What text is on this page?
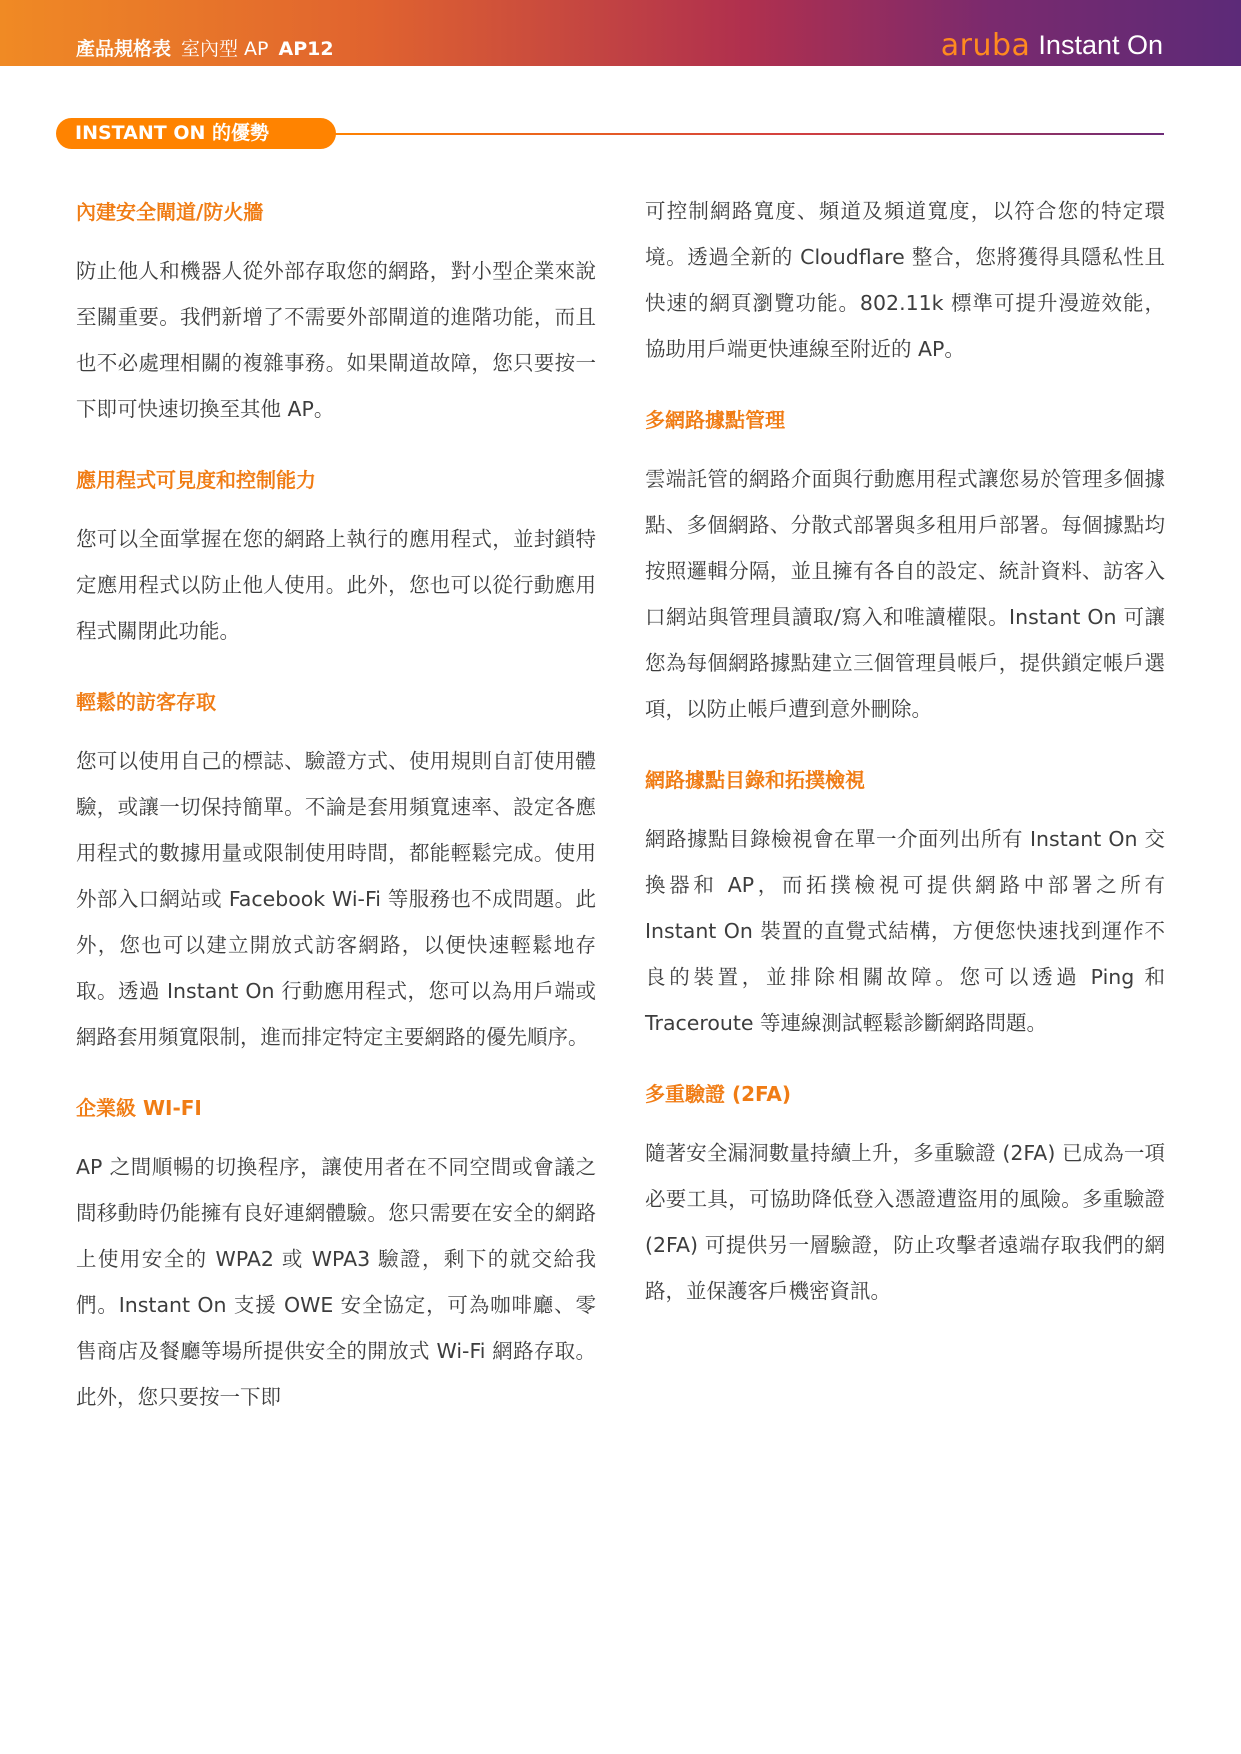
產品規格表 室內型 AP AP12	aruba Instant On
INSTANT ON 的優勢
內建安全閘道/防火牆

防止他人和機器人從外部存取您的網路，對小型企業來說至關重要。我們新增了不需要外部閘道的進階功能，而且也不必處理相關的複雜事務。如果閘道故障，您只要按一下即可快速切換至其他 AP。

應用程式可見度和控制能力

您可以全面掌握在您的網路上執行的應用程式，並封鎖特定應用程式以防止他人使用。此外，您也可以從行動應用程式關閉此功能。

輕鬆的訪客存取

您可以使用自己的標誌、驗證方式、使用規則自訂使用體驗，或讓一切保持簡單。不論是套用頻寬速率、設定各應用程式的數據用量或限制使用時間，都能輕鬆完成。使用外部入口網站或 Facebook Wi-Fi 等服務也不成問題。此外，您也可以建立開放式訪客網路，以便快速輕鬆地存取。透過 Instant On 行動應用程式，您可以為用戶端或網路套用頻寬限制，進而排定特定主要網路的優先順序。

企業級 WI-FI

AP 之間順暢的切換程序，讓使用者在不同空間或會議之間移動時仍能擁有良好連網體驗。您只需要在安全的網路上使用安全的 WPA2 或 WPA3 驗證，剩下的就交給我們。Instant On 支援 OWE 安全協定，可為咖啡廳、零售商店及餐廳等場所提供安全的開放式 Wi-Fi 網路存取。此外，您只要按一下即

可控制網路寬度、頻道及頻道寬度，以符合您的特定環境。透過全新的 Cloudflare 整合，您將獲得具隱私性且快速的網頁瀏覽功能。802.11k 標準可提升漫遊效能，協助用戶端更快連線至附近的 AP。

多網路據點管理

雲端託管的網路介面與行動應用程式讓您易於管理多個據點、多個網路、分散式部署與多租用戶部署。每個據點均按照邏輯分隔，並且擁有各自的設定、統計資料、訪客入口網站與管理員讀取/寫入和唯讀權限。Instant On 可讓您為每個網路據點建立三個管理員帳戶，提供鎖定帳戶選項，以防止帳戶遭到意外刪除。

網路據點目錄和拓撲檢視

網路據點目錄檢視會在單一介面列出所有 Instant On 交換器和 AP，而拓撲檢視可提供網路中部署之所有 Instant On 裝置的直覺式結構，方便您快速找到運作不良的裝置，並排除相關故障。您可以透過 Ping 和 Traceroute 等連線測試輕鬆診斷網路問題。

多重驗證 (2FA)

隨著安全漏洞數量持續上升，多重驗證 (2FA) 已成為一項必要工具，可協助降低登入憑證遭盜用的風險。多重驗證 (2FA) 可提供另一層驗證，防止攻擊者遠端存取我們的網路，並保護客戶機密資訊。
